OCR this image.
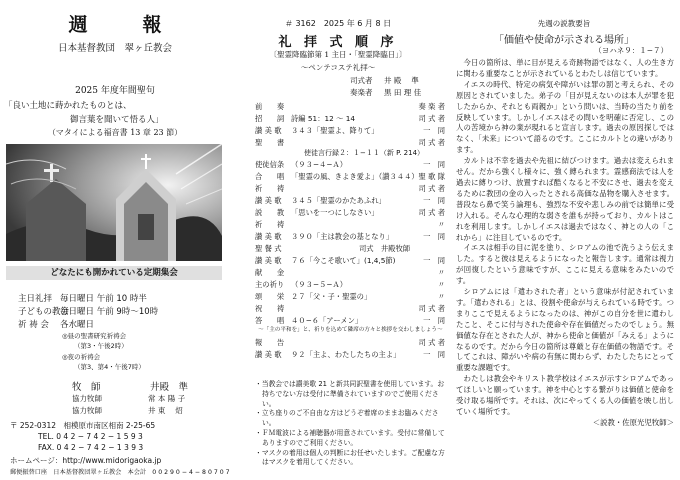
週　報
日本基督教団　翠ヶ丘教会
2025 年度年間聖句
「良い土地に蒔かれたものとは、
御言葉を聞いて悟る人」
（マタイによる福音書 13 章 23 節）
どなたにも開かれている定期集会
主日礼拝 毎日曜日 午前 10 時半
子どもの教会毎日曜日 午前 9時〜10時
祈 祷 会 各水曜日
◎昼の聖書研究祈祷会
（第3・午後2時）
◎夜の祈祷会
（第3、第4・午後7時）
牧　師	井殿　準
協力牧師	常 本 陽 子
協力牧師	井 東　 炤
〒 252-0312　相模原市南区相南 2-25-65
TEL. 0 4 2 − 7 4 2 − 1 5 9 3
FAX. 0 4 2 − 7 4 2 − 1 3 9 3
ホームページ：http://www.midorigaoka.jp
郵便振替口座　日本基督教団翠ヶ丘教会　本会計　0 0 2 9 0 − 4 − 8 0 7 0 7
＃ 3162　2025 年 6 月 8 日
礼 拝 式 順 序
〔聖霊降臨節第 1 主日・「聖霊降臨日」〕
〜ペンテコステ礼拝〜
司式者 井 殿　 準
奏楽者 黒 田 理 佳
前　　奏	奏 楽 者
招　　詞 詩編 51：12 〜 14	司 式 者
讃 美 歌 ３４３「聖霊よ、降りて」	一　同
聖　　書	司 式 者
使徒信条 （９３−４−Ａ）	一　同
合　　唱 「聖霊の風、きよき愛よ」（讃３４４） 聖 歌 隊
祈　　祷	司 式 者
讃 美 歌 ３４５「聖霊のかたあふれ」	一　同
説　　教 「思いを一つにしなさい」	司 式 者
祈　　祷	〃
讃 美 歌 ３９０「主は教会の基となり」	一　同
聖 餐 式	司式　井殿牧師
讃 美 歌 ７６「今こそ歌いて」(1,4,5節)	一　同
献　　金	〃
主の祈り （９３−５−Ａ）	〃
頌　　栄 ２７「父・子・聖霊の」	〃
祝　　祷	司 式 者
答　　唱 ４０−６「アーメン」	一　同
報　　告	司 式 者
讃 美 歌 ９２「主よ、わたしたちの主よ」	一　同
使徒言行録２：１−１１（新 P. 214）
〜「主の平和を」と、祈りを込めて隣席の方々と挨拶を交わしましょう〜
・当教会では讃美歌 21 と新共同訳聖書を使用しています。お持ちでない方は受付に準備されていますのでご使用ください。
・立ち座りのご不自由な方はどうぞ着席のままお臨みください。
・ＦＭ電波による補聴器が用意されています。受付に常備してありますのでご利用ください。
・マスクの着用は個人の判断にお任せいたします。ご配慮な方はマスクを着用してください。
先週の説教要旨
「価値や使命が示される場所」
（ヨハネ９：１−７）

今日の箇所は、単に目が見える奇跡物語ではなく、人の生き方に関わる重要なことが示されているとわたしは信じています。

イエスの時代、特定の病気や障がいは罪の罰と考えられ、その原因とされていました。弟子の「目が見えないのは本人が罪を犯したからか、それとも両親か」という問いは、当時の当たり前を反映しています。しかしイエスはその問いを明確に否定し、この人の苦境から神の業が現れると宣言します。過去の原因探しではなく、「未来」について語るのです。ここにカルトとの違いがあります。

カルトは不幸を過去や先祖に結びつけます。過去は変えられません。だから強くし様々に、強く縛られます。霊感商法では人を過去に縛りつけ、放置すれば酷くなると不安にさせ、過去を変えるために教団の金の入ったとされる高価な品物を購入させます。普段なら鼻で笑う論理も、強烈な不安や悲しみの前では簡単に受け入れる。そんな心理的な弱さを誰もが持っており、カルトはこれを利用します。しかしイエスは過去ではなく、神との人の「これから」に注目しているのです。

イエスは相手の目に泥を塗り、シロアムの池で洗うよう伝えました。すると彼は見えるようになったと報告します。通常は視力が回復したという意味ですが、ここに見える意味をみたいのです。

シロアムには「遣わされた者」という意味が付記されています。「遣わされる」とは、役割や使命が与えられている時です。つまりここで見えるようになったのは、神がこの自分を世に遣わしたこと、そこに付与された使命や存在価値だったのでしょう。無価値な存在とされた人が、神から使命と価値が「みえる」ようになるのです。だから今日の箇所は尊厳と存在価値の物語です。そしてこれは、障がいや病の有無に関わらず、わたしたちにとって重要な課題です。

わたしは教会やキリスト教学校はイエスが示すシロアムであってほしいと願っています。神を中心とする繋がりは価値と使命を受け取る場所です。それは、次にやってくる人の価値を映し出していく場所です。

＜説教・佐原光児牧師＞
